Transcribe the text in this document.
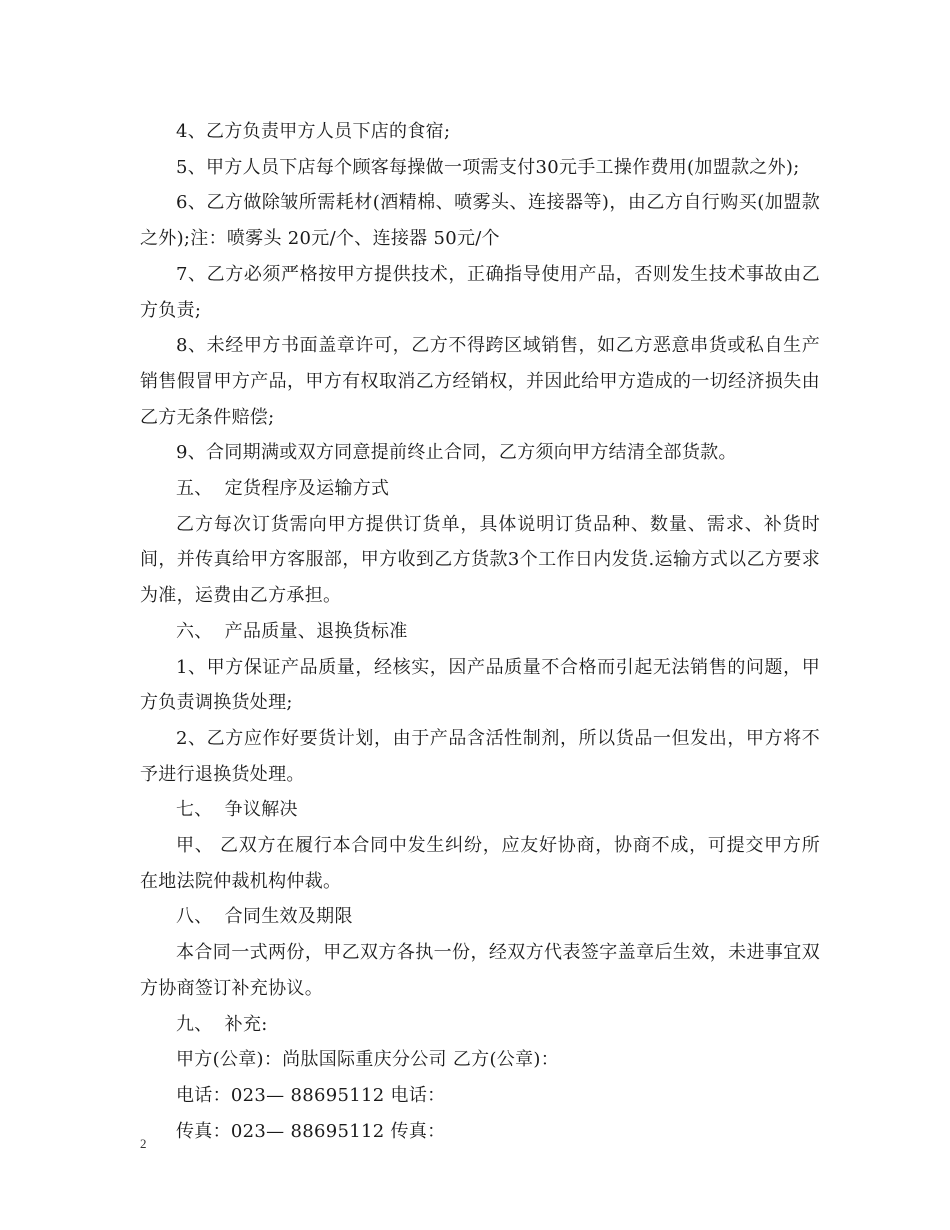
4、乙方负责甲方人员下店的食宿;

5、甲方人员下店每个顾客每操做一项需支付30元手工操作费用(加盟款之外);

6、乙方做除皱所需耗材(酒精棉、喷雾头、连接器等)，由乙方自行购买(加盟款之外);注：喷雾头 20元/个、连接器 50元/个

7、乙方必须严格按甲方提供技术，正确指导使用产品，否则发生技术事故由乙方负责;

8、未经甲方书面盖章许可，乙方不得跨区域销售，如乙方恶意串货或私自生产销售假冒甲方产品，甲方有权取消乙方经销权，并因此给甲方造成的一切经济损失由乙方无条件赔偿;

9、合同期满或双方同意提前终止合同，乙方须向甲方结清全部货款。

五、  定货程序及运输方式

乙方每次订货需向甲方提供订货单，具体说明订货品种、数量、需求、补货时间，并传真给甲方客服部，甲方收到乙方货款3个工作日内发货.运输方式以乙方要求为准，运费由乙方承担。

六、  产品质量、退换货标准

1、甲方保证产品质量，经核实，因产品质量不合格而引起无法销售的问题，甲方负责调换货处理;

2、乙方应作好要货计划，由于产品含活性制剂，所以货品一但发出，甲方将不予进行退换货处理。

七、  争议解决

甲、 乙双方在履行本合同中发生纠纷，应友好协商，协商不成，可提交甲方所在地法院仲裁机构仲裁。

八、  合同生效及期限

本合同一式两份，甲乙双方各执一份，经双方代表签字盖章后生效，未进事宜双方协商签订补充协议。

九、  补充:

甲方(公章)：尚肽国际重庆分公司 乙方(公章)：

电话：023— 88695112 电话：

传真：023— 88695112 传真：

2
